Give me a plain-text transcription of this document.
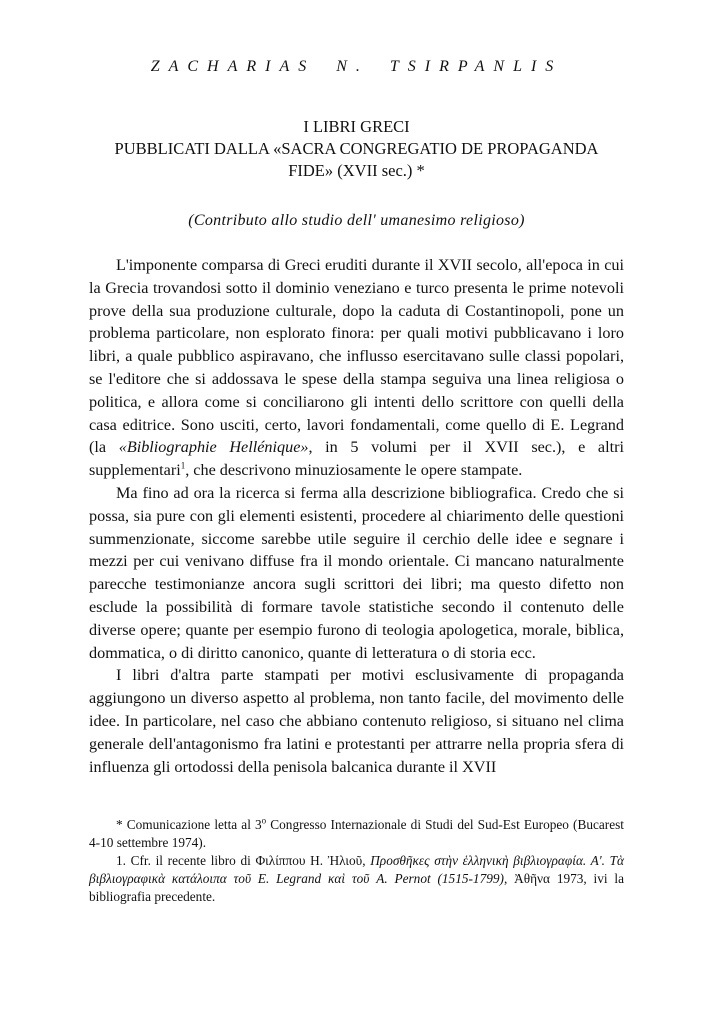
ZACHARIAS N. TSIRPANLIS
I LIBRI GRECI
PUBBLICATI DALLA «SACRA CONGREGATIO DE PROPAGANDA
FIDE» (XVII sec.) *
(Contributo allo studio dell' umanesimo religioso)

L'imponente comparsa di Greci eruditi durante il XVII secolo, all'epoca in cui la Grecia trovandosi sotto il dominio veneziano e turco presenta le prime notevoli prove della sua produzione culturale, dopo la caduta di Costantinopoli, pone un problema particolare, non esplorato finora: per quali motivi pubblicavano i loro libri, a quale pubblico aspiravano, che influsso esercitavano sulle classi popolari, se l'editore che si addossava le spese della stampa seguiva una linea religiosa o politica, e allora come si conciliarono gli intenti dello scrittore con quelli della casa editrice. Sono usciti, certo, lavori fondamentali, come quello di E. Legrand (la «Bibliographie Hellénique», in 5 volumi per il XVII sec.), e altri supplementari$^1$, che descrivono minuziosamente le opere stampate.

Ma fino ad ora la ricerca si ferma alla descrizione bibliografica. Credo che si possa, sia pure con gli elementi esistenti, procedere al chiarimento delle questioni summenzionate, siccome sarebbe utile seguire il cerchio delle idee e segnare i mezzi per cui venivano diffuse fra il mondo orientale. Ci mancano naturalmente parecche testimonianze ancora sugli scrittori dei libri; ma questo difetto non esclude la possibilità di formare tavole statistiche secondo il contenuto delle diverse opere; quante per esempio furono di teologia apologetica, morale, biblica, dommatica, o di diritto canonico, quante di letteratura o di storia ecc.

I libri d'altra parte stampati per motivi esclusivamente di propaganda aggiungono un diverso aspetto al problema, non tanto facile, del movimento delle idee. In particolare, nel caso che abbiano contenuto religioso, si situano nel clima generale dell'antagonismo fra latini e protestanti per attrarre nella propria sfera di influenza gli ortodossi della penisola balcanica durante il XVII

* Comunicazione letta al 3$^o$ Congresso Internazionale di Studi del Sud-Est Europeo (Bucarest 4-10 settembre 1974).

1. Cfr. il recente libro di Φιλίππου Η. Ἠλιοῦ, Προσθῆκες στὴν ἑλληνικὴ βιβλιογραφία. Α'. Τὰ βιβλιογραφικὰ κατάλοιπα τοῦ E. Legrand καὶ τοῦ A. Pernot (1515-1799), Ἀθῆνα 1973, ivi la bibliografia precedente.
